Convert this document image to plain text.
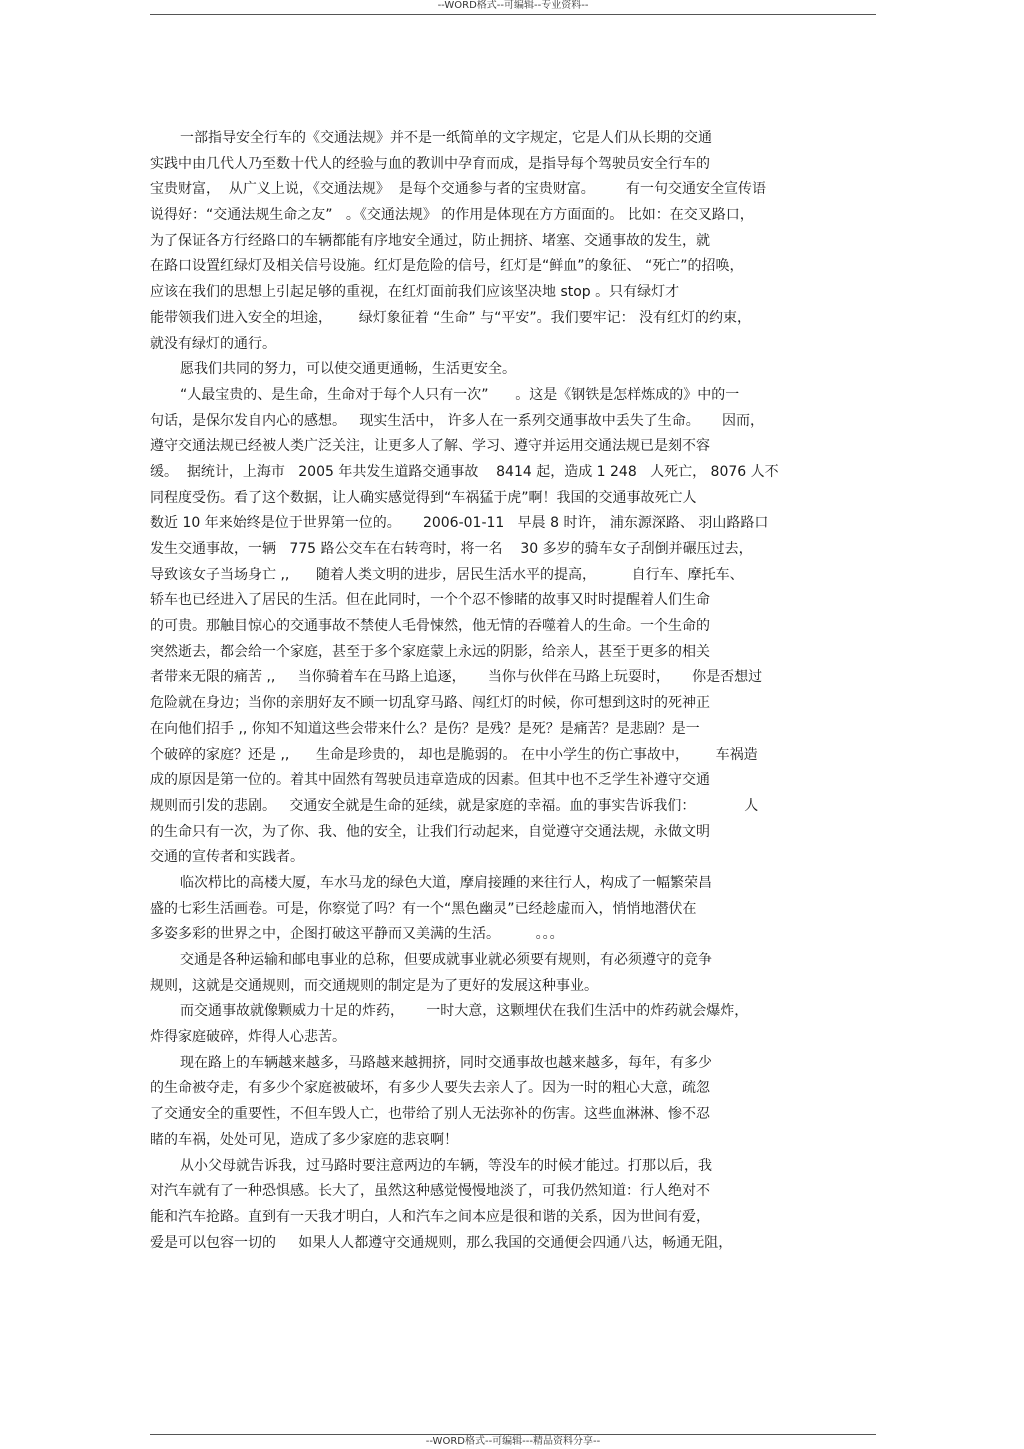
--WORD格式--可编辑--专业资料--
一部指导安全行车的《交通法规》并不是一纸简单的文字规定，它是人们从长期的交通
实践中由几代人乃至数十代人的经验与血的教训中孕育而成，是指导每个驾驶员安全行车的
宝贵财富，  从广义上说，《交通法规》  是每个交通参与者的宝贵财富。       有一句交通安全宣传语
说得好：“交通法规生命之友”   。《交通法规》 的作用是体现在方方面面的。 比如：在交叉路口，
为了保证各方行经路口的车辆都能有序地安全通过，防止拥挤、堵塞、交通事故的发生，就
在路口设置红绿灯及相关信号设施。红灯是危险的信号，红灯是“鲜血”的象征、 “死亡”的招唤，
应该在我们的思想上引起足够的重视，在红灯面前我们应该坚决地 stop 。只有绿灯才
能带领我们进入安全的坦途，      绿灯象征着 “生命” 与“平安”。我们要牢记： 没有红灯的约束，
就没有绿灯的通行。
愿我们共同的努力，可以使交通更通畅，生活更安全。
“人最宝贵的、是生命，生命对于每个人只有一次”      。这是《钢铁是怎样炼成的》中的一
句话，是保尔发自内心的感想。   现实生活中， 许多人在一系列交通事故中丢失了生命。     因而，
遵守交通法规已经被人类广泛关注，让更多人了解、学习、遵守并运用交通法规已是刻不容
缓。  据统计，上海市   2005 年共发生道路交通事故    8414 起，造成 1 248   人死亡， 8076 人不
同程度受伤。看了这个数据，让人确实感觉得到“车祸猛于虎”啊！我国的交通事故死亡人
数近 10 年来始终是位于世界第一位的。     2006-01-11   早晨 8 时许， 浦东源深路、 羽山路路口
发生交通事故，一辆   775 路公交车在右转弯时，将一名    30 多岁的骑车女子刮倒并碾压过去，
导致该女子当场身亡 ,,      随着人类文明的进步，居民生活水平的提高，        自行车、摩托车、
轿车也已经进入了居民的生活。但在此同时，一个个忍不惨睹的故事又时时提醒着人们生命
的可贵。那触目惊心的交通事故不禁使人毛骨悚然，他无情的吞噬着人的生命。一个生命的
突然逝去，都会给一个家庭，甚至于多个家庭蒙上永远的阴影，给亲人，甚至于更多的相关
者带来无限的痛苦 ,,     当你骑着车在马路上追逐，     当你与伙伴在马路上玩耍时，     你是否想过
危险就在身边；当你的亲朋好友不顾一切乱穿马路、闯红灯的时候，你可想到这时的死神正
在向他们招手 ,, 你知不知道这些会带来什么？是伤？是残？是死？是痛苦？是悲剧？是一
个破碎的家庭？还是 ,,      生命是珍贵的， 却也是脆弱的。 在中小学生的伤亡事故中，      车祸造
成的原因是第一位的。着其中固然有驾驶员违章造成的因素。但其中也不乏学生补遵守交通
规则而引发的悲剧。   交通安全就是生命的延续，就是家庭的幸福。血的事实告诉我们：           人
的生命只有一次，为了你、我、他的安全，让我们行动起来，自觉遵守交通法规，永做文明
交通的宣传者和实践者。
临次栉比的高楼大厦，车水马龙的绿色大道，摩肩接踵的来往行人，构成了一幅繁荣昌
盛的七彩生活画卷。可是，你察觉了吗？有一个“黑色幽灵”已经趁虚而入，悄悄地潜伏在
多姿多彩的世界之中，企图打破这平静而又美满的生活。        。。。
交通是各种运输和邮电事业的总称，但要成就事业就必须要有规则，有必须遵守的竞争
规则，这就是交通规则，而交通规则的制定是为了更好的发展这种事业。
而交通事故就像颗威力十足的炸药，     一时大意，这颗埋伏在我们生活中的炸药就会爆炸，
炸得家庭破碎，炸得人心悲苦。
现在路上的车辆越来越多，马路越来越拥挤，同时交通事故也越来越多，每年，有多少
的生命被夺走，有多少个家庭被破坏，有多少人要失去亲人了。因为一时的粗心大意，疏忽
了交通安全的重要性，不但车毁人亡，也带给了别人无法弥补的伤害。这些血淋淋、惨不忍
睹的车祸，处处可见，造成了多少家庭的悲哀啊！
从小父母就告诉我，过马路时要注意两边的车辆，等没车的时候才能过。打那以后，我
对汽车就有了一种恐惧感。长大了，虽然这种感觉慢慢地淡了，可我仍然知道：行人绝对不
能和汽车抢路。直到有一天我才明白，人和汽车之间本应是很和谐的关系，因为世间有爱，
爱是可以包容一切的     如果人人都遵守交通规则，那么我国的交通便会四通八达，畅通无阻，
--WORD格式--可编辑---精品资料分享--
